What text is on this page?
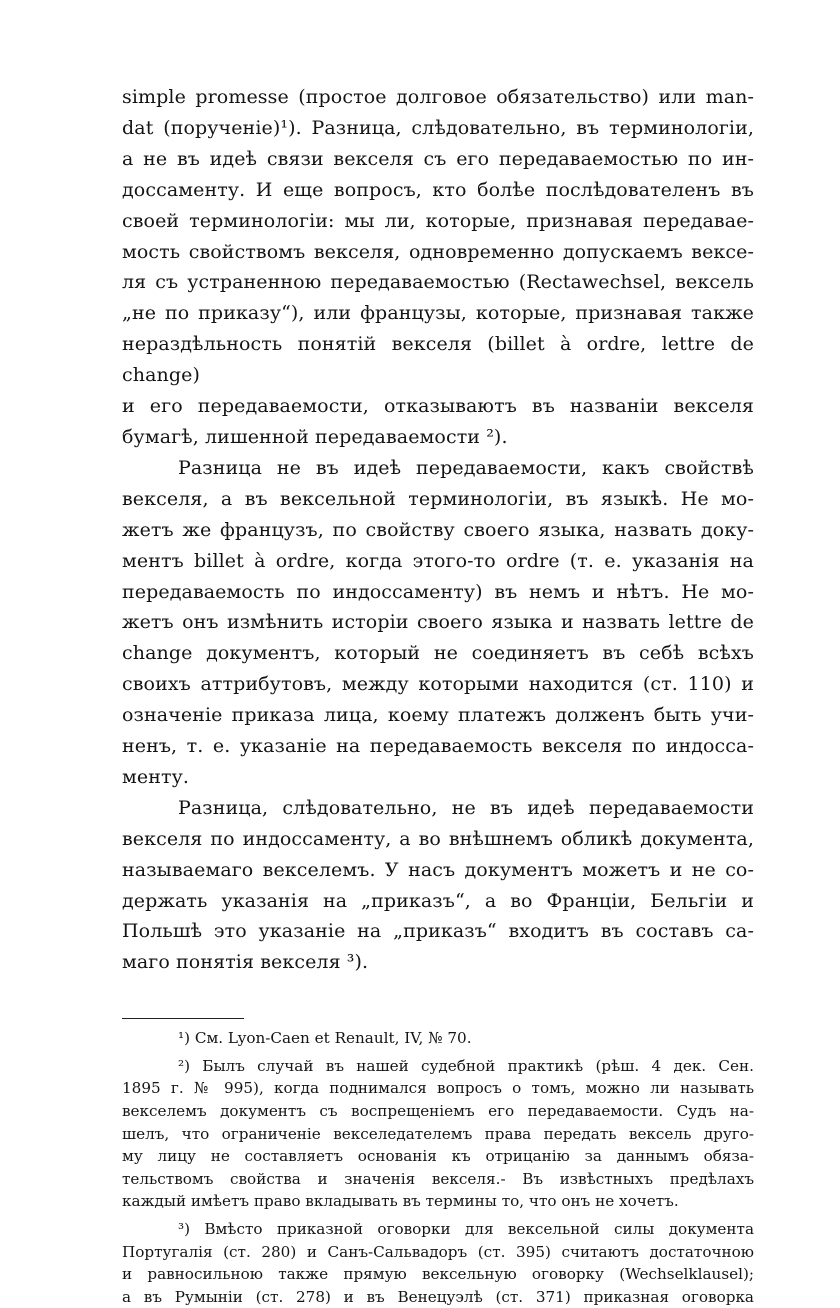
simple promesse (простое долговое обязательство) или man-

dat (порученіе)¹). Разница, слѣдовательно, въ терминологіи,

а не въ идеѣ связи векселя съ его передаваемостью по ин-

доссаменту. И еще вопросъ, кто болѣе послѣдователенъ въ

своей терминологіи: мы ли, которые, признавая передавае-

мость свойствомъ векселя, одновременно допускаемъ вексе-

ля съ устраненною передаваемостью (Rectawechsel, вексель

„не по приказу“), или французы, которые, признавая также

нераздѣльность понятій векселя (billet à ordre, lettre de change)

и его передаваемости, отказываютъ въ названіи векселя

бумагѣ, лишенной передаваемости ²).

Разница не въ идеѣ передаваемости, какъ свойствѣ

векселя, а въ вексельной терминологіи, въ языкѣ. Не мо-

жетъ же французъ, по свойству своего языка, назвать доку-

ментъ billet à ordre, когда этого-то ordre (т. е. указанія на

передаваемость по индоссаменту) въ немъ и нѣтъ. Не мо-

жетъ онъ измѣнить исторіи своего языка и назвать lettre de

change документъ, который не соединяетъ въ себѣ всѣхъ

своихъ аттрибутовъ, между которыми находится (ст. 110) и

означеніе приказа лица, коему платежъ долженъ быть учи-

ненъ, т. е. указаніе на передаваемость векселя по индосса-

менту.

Разница, слѣдовательно, не въ идеѣ передаваемости

векселя по индоссаменту, а во внѣшнемъ обликѣ документа,

называемаго векселемъ. У насъ документъ можетъ и не со-

держать указанія на „приказъ“, а во Франціи, Бельгіи и

Польшѣ это указаніе на „приказъ“ входитъ въ составъ са-

маго понятія векселя ³).

¹) См. Lyon-Caen et Renault, IV, № 70.

²) Былъ случай въ нашей судебной практикѣ (рѣш. 4 дек. Сен.

1895 г. № 995), когда поднимался вопросъ о томъ, можно ли называть

векселемъ документъ съ воспрещеніемъ его передаваемости. Судъ на-

шелъ, что ограниченіе векселедателемъ права передать вексель друго-

му лицу не составляетъ основанія къ отрицанію за даннымъ обяза-

тельствомъ свойства и значенія векселя.- Въ извѣстныхъ предѣлахъ

каждый имѣетъ право вкладывать въ термины то, что онъ не хочетъ.

³) Вмѣсто приказной оговорки для вексельной силы документа

Португалія (ст. 280) и Санъ-Сальвадоръ (ст. 395) считаютъ достаточною

и равносильною также прямую вексельную оговорку (Wechselklausel);

а въ Румыніи (ст. 278) и въ Венецуэлѣ (ст. 371) приказная оговорка
